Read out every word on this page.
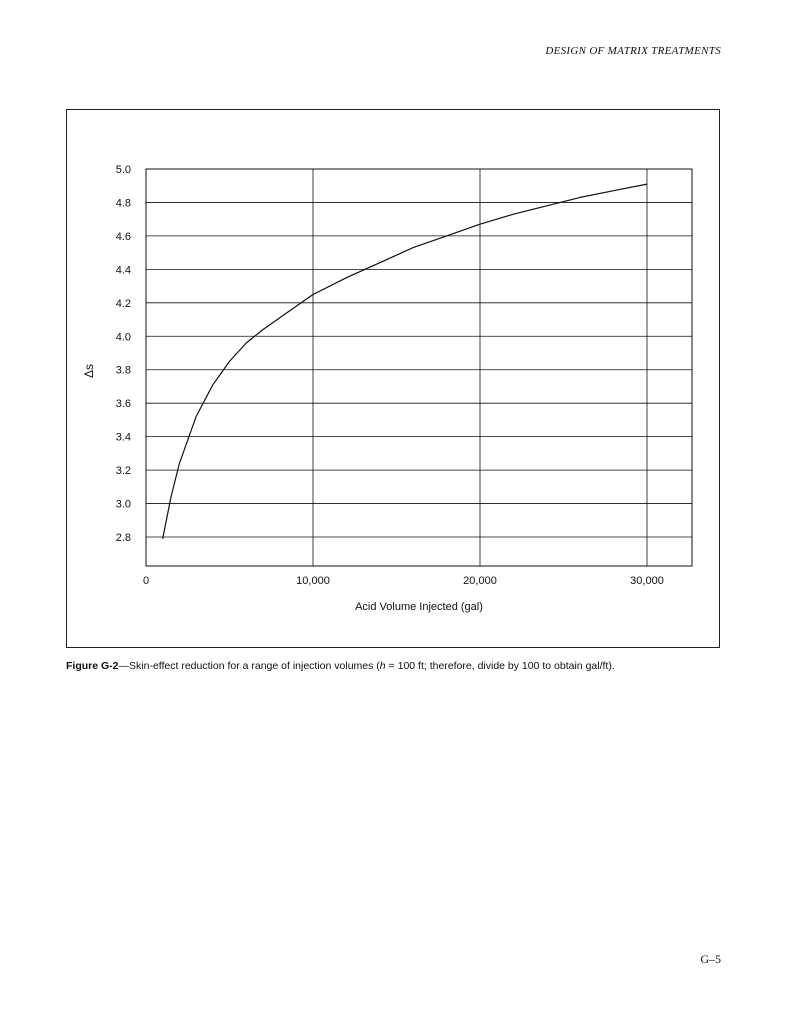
DESIGN OF MATRIX TREATMENTS
2.8
3.0
3.2
3.4
3.6
3.8
4.0
4.2
4.4
4.6
4.8
5.0
0	10,000	20,000	30,000
Δs
Acid Volume Injected (gal)
Figure G-2—Skin-effect reduction for a range of injection volumes (h = 100 ft; therefore, divide by 100 to obtain gal/ft).
G–5
